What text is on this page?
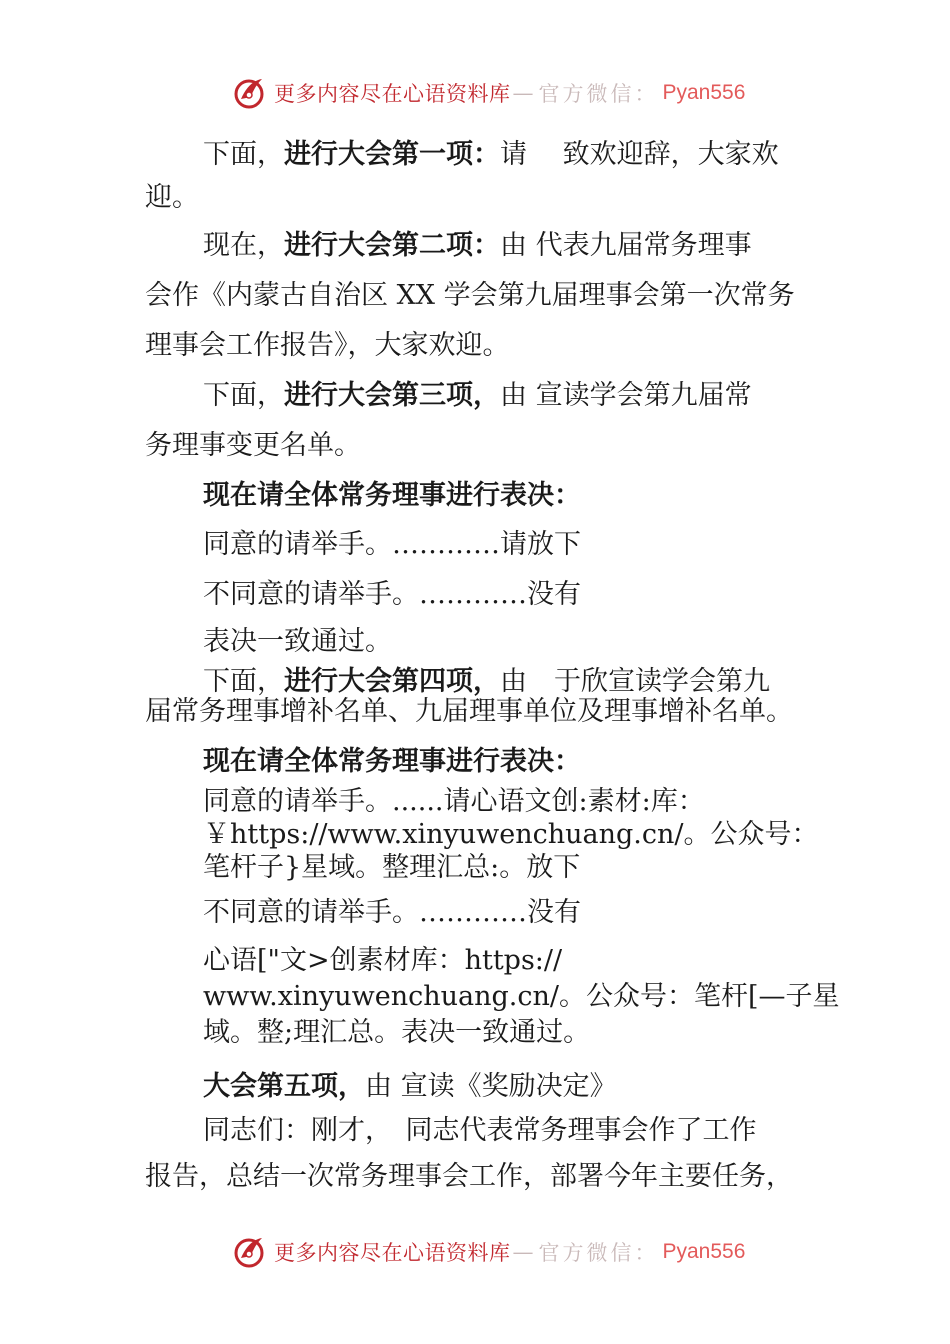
更多内容尽在心语资料库 — 官方微信： Pyan556
下面，进行大会第一项：请　 致欢迎辞，大家欢
迎。
现在，进行大会第二项：由 代表九届常务理事
会作《内蒙古自治区 XX 学会第九届理事会第一次常务
理事会工作报告》，大家欢迎。
下面，进行大会第三项，由 宣读学会第九届常
务理事变更名单。
现在请全体常务理事进行表决：
同意的请举手。…………请放下
不同意的请举手。…………没有
表决一致通过。
下面，进行大会第四项，由　于欣宣读学会第九
届常务理事增补名单、九届理事单位及理事增补名单。
现在请全体常务理事进行表决：
同意的请举手。......请心语文创:素材:库：
￥https://www.xinyuwenchuang.cn/。公众号：
笔杆子}星域。整理汇总:。放下
不同意的请举手。…………没有
心语["文>创素材库：https://
www.xinyuwenchuang.cn/。公众号：笔杆[—子星
域。整;理汇总。表决一致通过。
大会第五项，由 宣读《奖励决定》
同志们：刚才，　同志代表常务理事会作了工作
报告，总结一次常务理事会工作，部署今年主要任务，
更多内容尽在心语资料库 — 官方微信： Pyan556
